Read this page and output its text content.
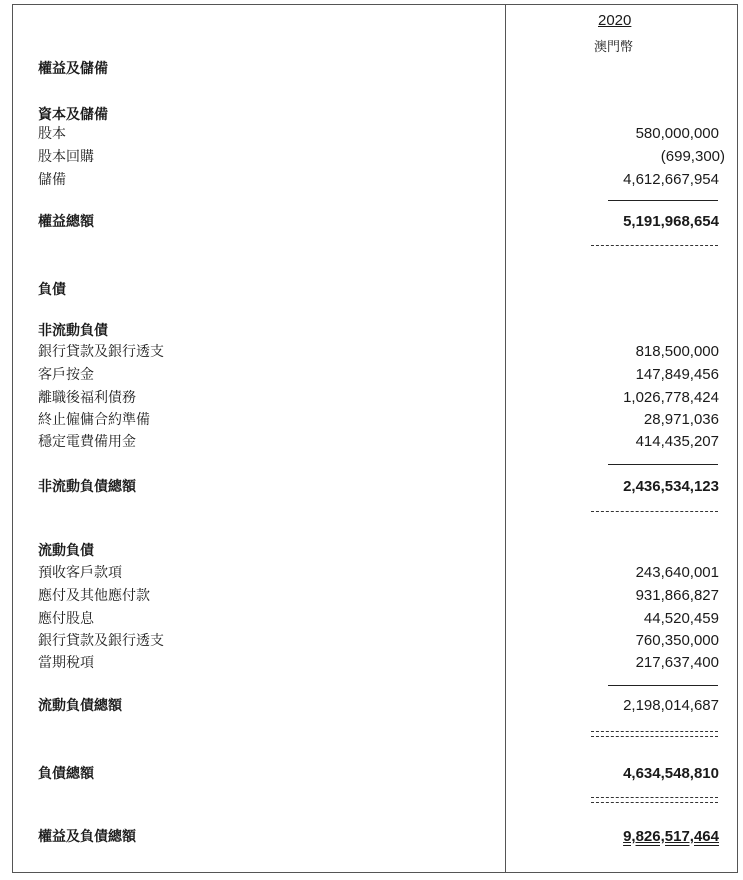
2020
澳門幣
權益及儲備
資本及儲備
股本	580,000,000
股本回購	(699,300)
儲備	4,612,667,954
權益總額	5,191,968,654
負債
非流動負債
銀行貸款及銀行透支	818,500,000
客戶按金	147,849,456
離職後福利債務	1,026,778,424
終止僱傭合約準備	28,971,036
穩定電費備用金	414,435,207
非流動負債總額	2,436,534,123
流動負債
預收客戶款項	243,640,001
應付及其他應付款	931,866,827
應付股息	44,520,459
銀行貸款及銀行透支	760,350,000
當期稅項	217,637,400
流動負債總額	2,198,014,687
負債總額	4,634,548,810
權益及負債總額	9,826,517,464
